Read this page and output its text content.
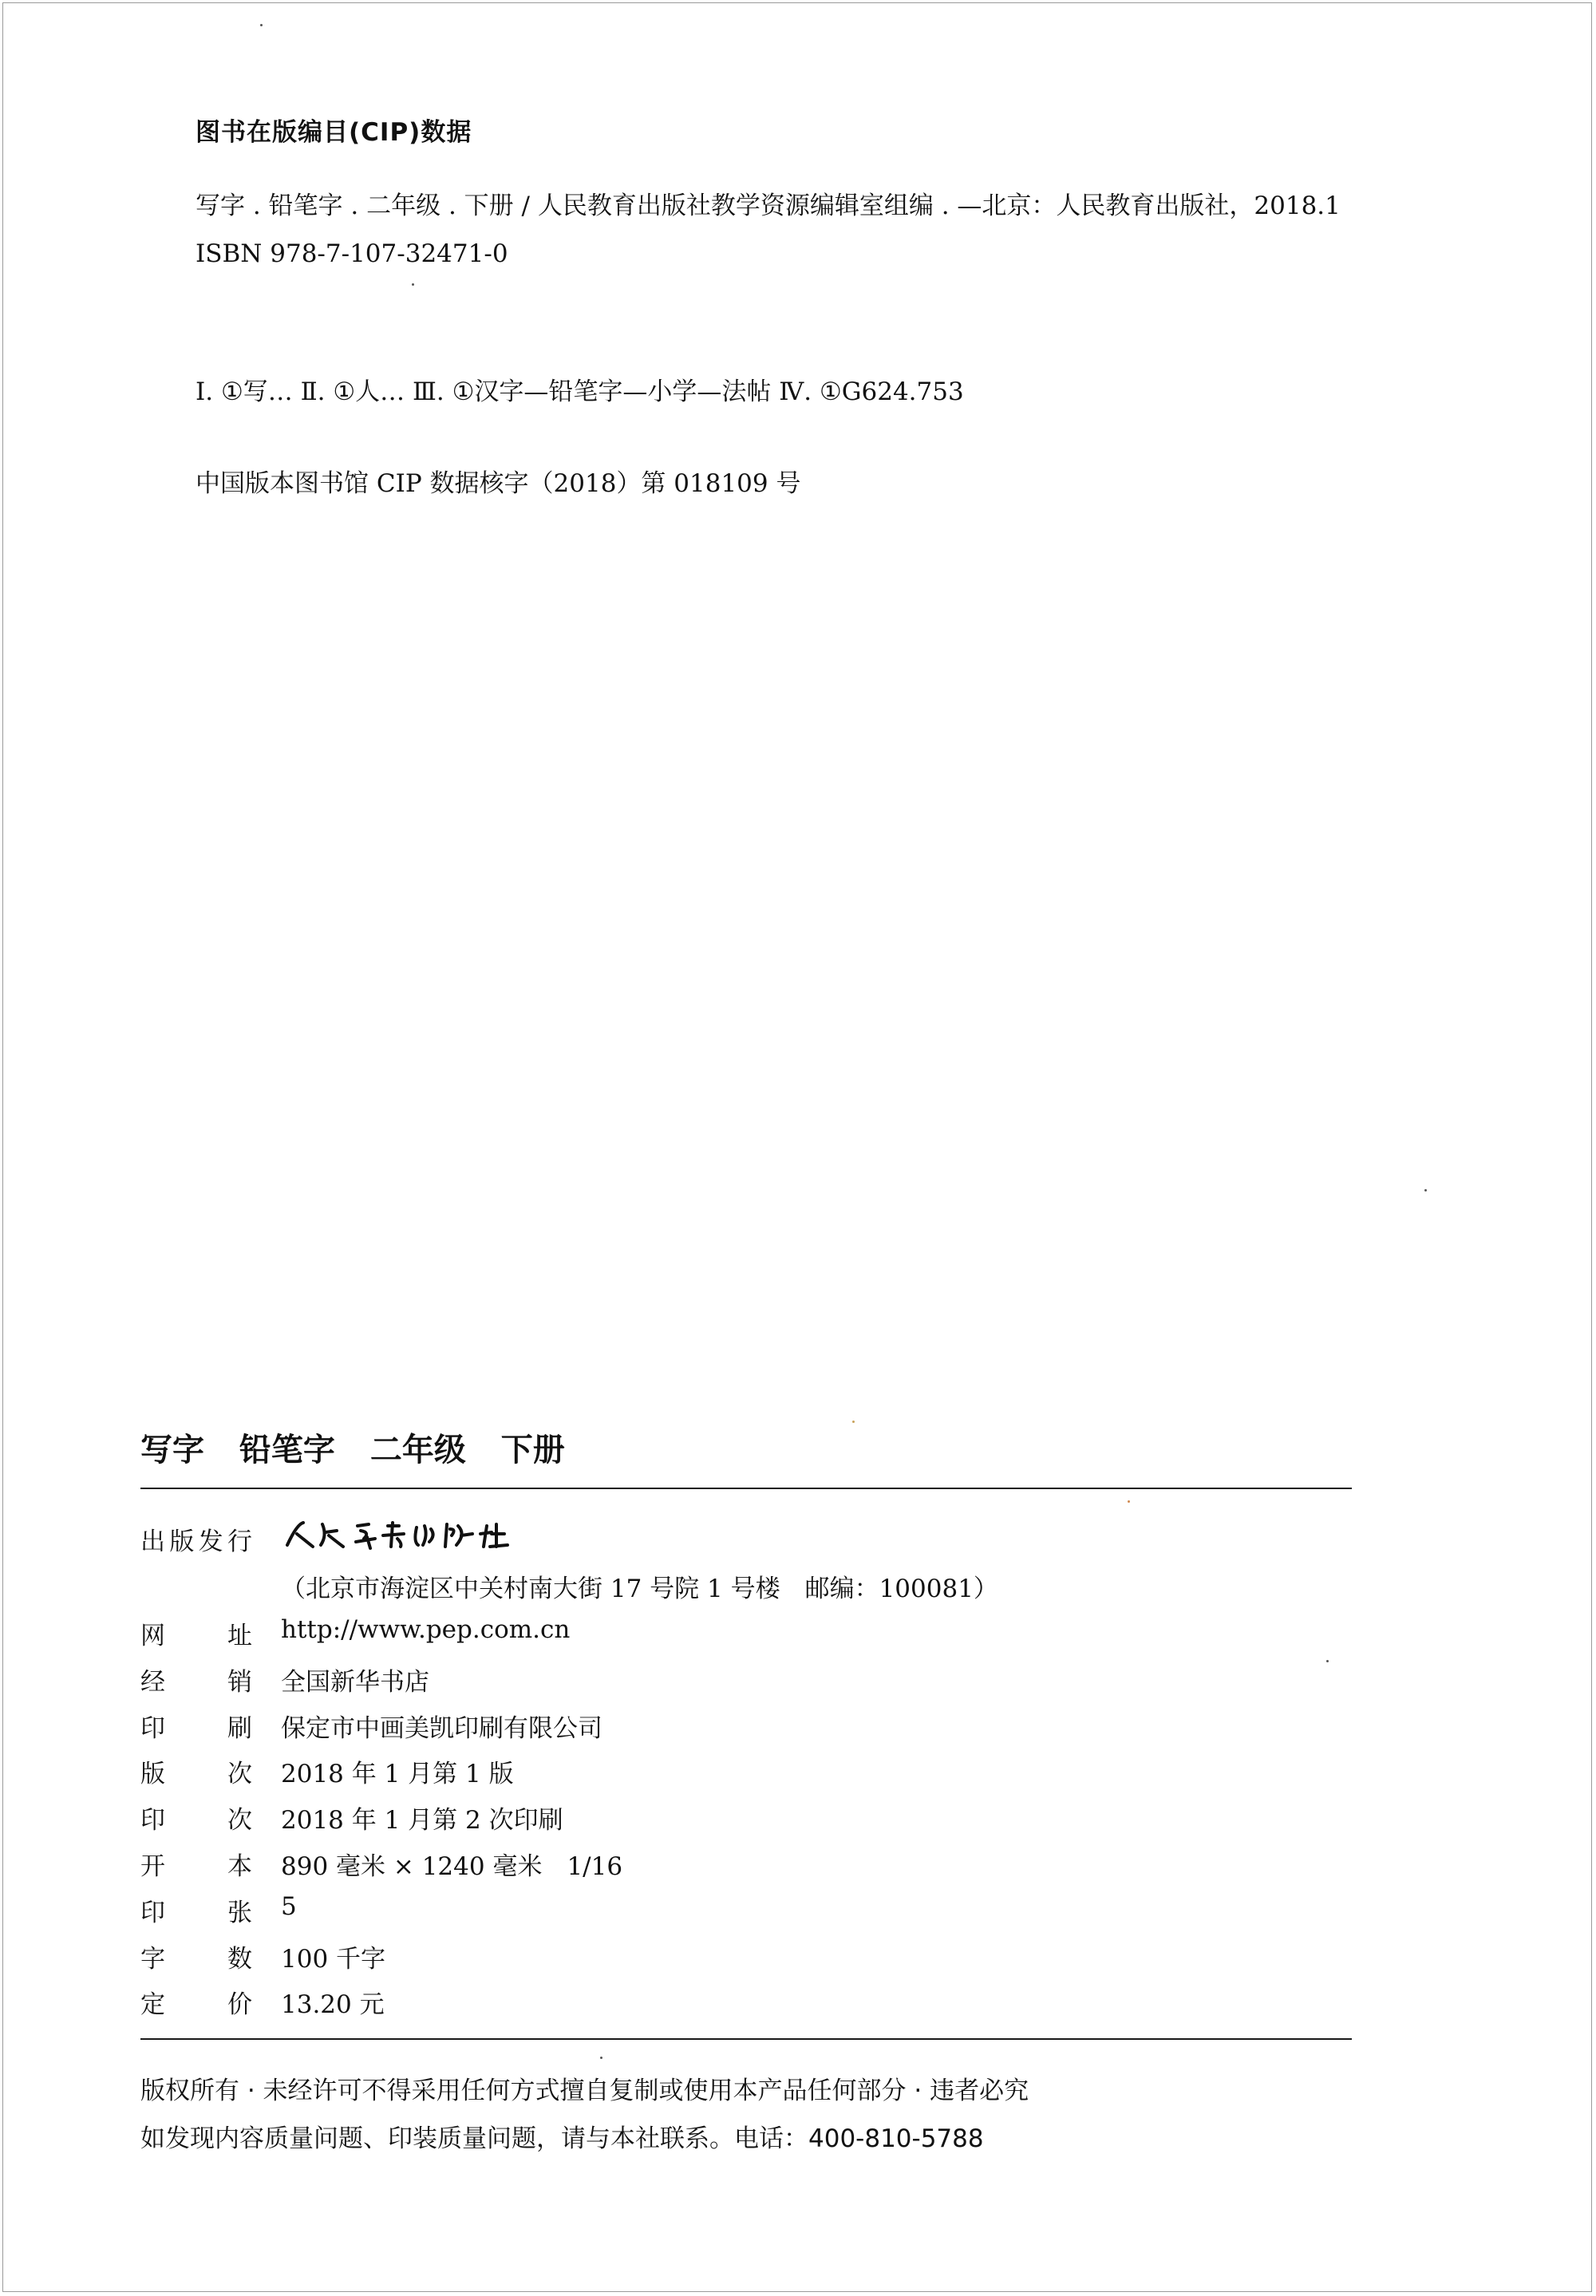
图书在版编目(CIP)数据
写字 . 铅笔字 . 二年级 . 下册 / 人民教育出版社教学资源编辑室组编 . —北京：人民教育出版社，2018.1
ISBN 978-7-107-32471-0
Ⅰ. ①写… Ⅱ. ①人… Ⅲ. ①汉字—铅笔字—小学—法帖 Ⅳ. ①G624.753
中国版本图书馆 CIP 数据核字（2018）第 018109 号
写字 铅笔字 二年级 下册
出版发行
（北京市海淀区中关村南大街 17 号院 1 号楼　邮编：100081）
网　址 http://www.pep.com.cn
经　销 全国新华书店
印　刷 保定市中画美凯印刷有限公司
版　次 2018 年 1 月第 1 版
印　次 2018 年 1 月第 2 次印刷
开　本 890 毫米 × 1240 毫米　1/16
印　张 5
字　数 100 千字
定　价 13.20 元
版权所有 · 未经许可不得采用任何方式擅自复制或使用本产品任何部分 · 违者必究
如发现内容质量问题、印装质量问题，请与本社联系。电话：400-810-5788
